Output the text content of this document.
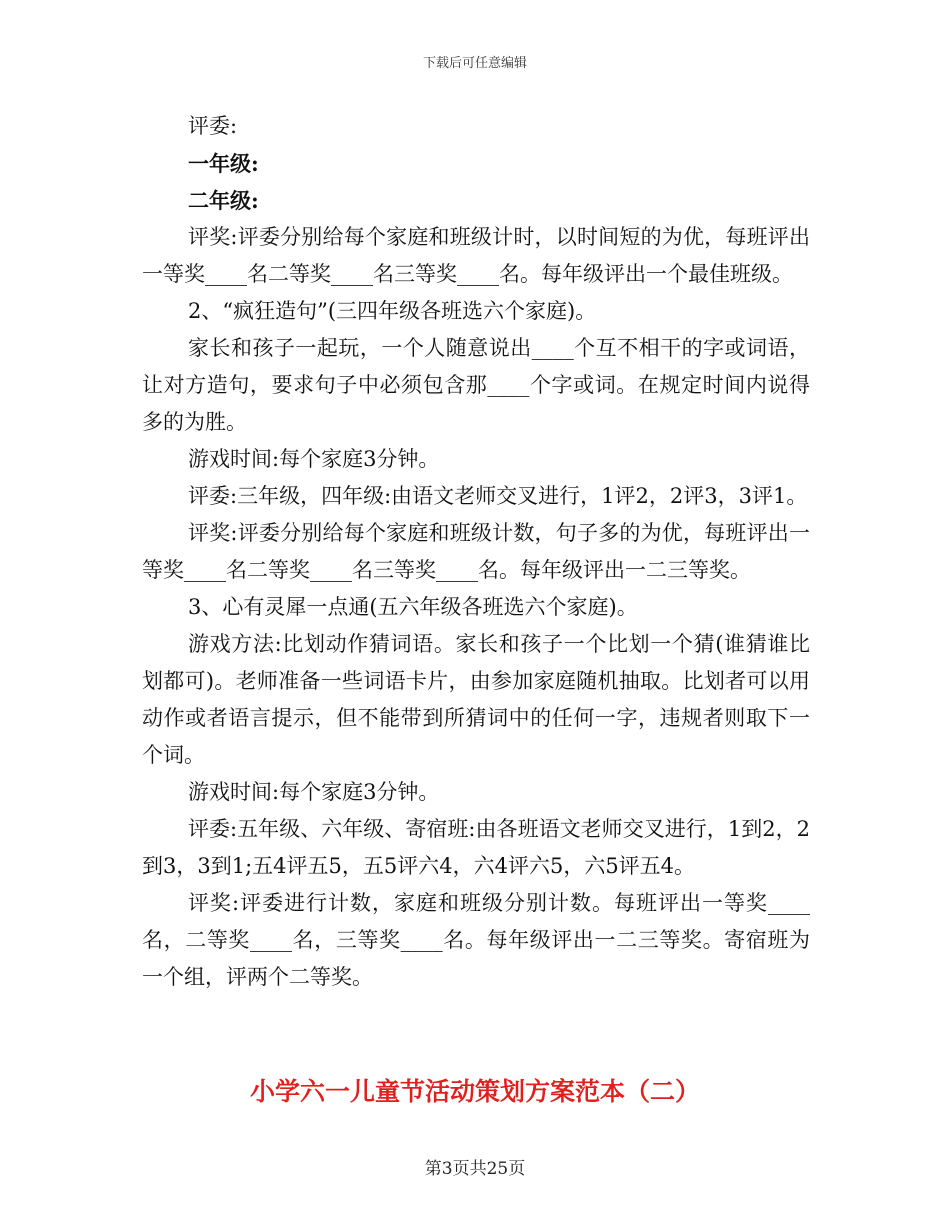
下载后可任意编辑

评委:

一年级:

二年级:

评奖:评委分别给每个家庭和班级计时，以时间短的为优，每班评出一等奖____名二等奖____名三等奖____名。每年级评出一个最佳班级。

2、“疯狂造句”(三四年级各班选六个家庭)。

家长和孩子一起玩，一个人随意说出____个互不相干的字或词语，让对方造句，要求句子中必须包含那____个字或词。在规定时间内说得多的为胜。

游戏时间:每个家庭3分钟。

评委:三年级，四年级:由语文老师交叉进行，1评2，2评3，3评1。

评奖:评委分别给每个家庭和班级计数，句子多的为优，每班评出一等奖____名二等奖____名三等奖____名。每年级评出一二三等奖。

3、心有灵犀一点通(五六年级各班选六个家庭)。

游戏方法:比划动作猜词语。家长和孩子一个比划一个猜(谁猜谁比划都可)。老师准备一些词语卡片，由参加家庭随机抽取。比划者可以用动作或者语言提示，但不能带到所猜词中的任何一字，违规者则取下一个词。

游戏时间:每个家庭3分钟。

评委:五年级、六年级、寄宿班:由各班语文老师交叉进行，1到2，2到3，3到1;五4评五5，五5评六4，六4评六5，六5评五4。

评奖:评委进行计数，家庭和班级分别计数。每班评出一等奖____名，二等奖____名，三等奖____名。每年级评出一二三等奖。寄宿班为一个组，评两个二等奖。

小学六一儿童节活动策划方案范本（二）
第3页共25页
